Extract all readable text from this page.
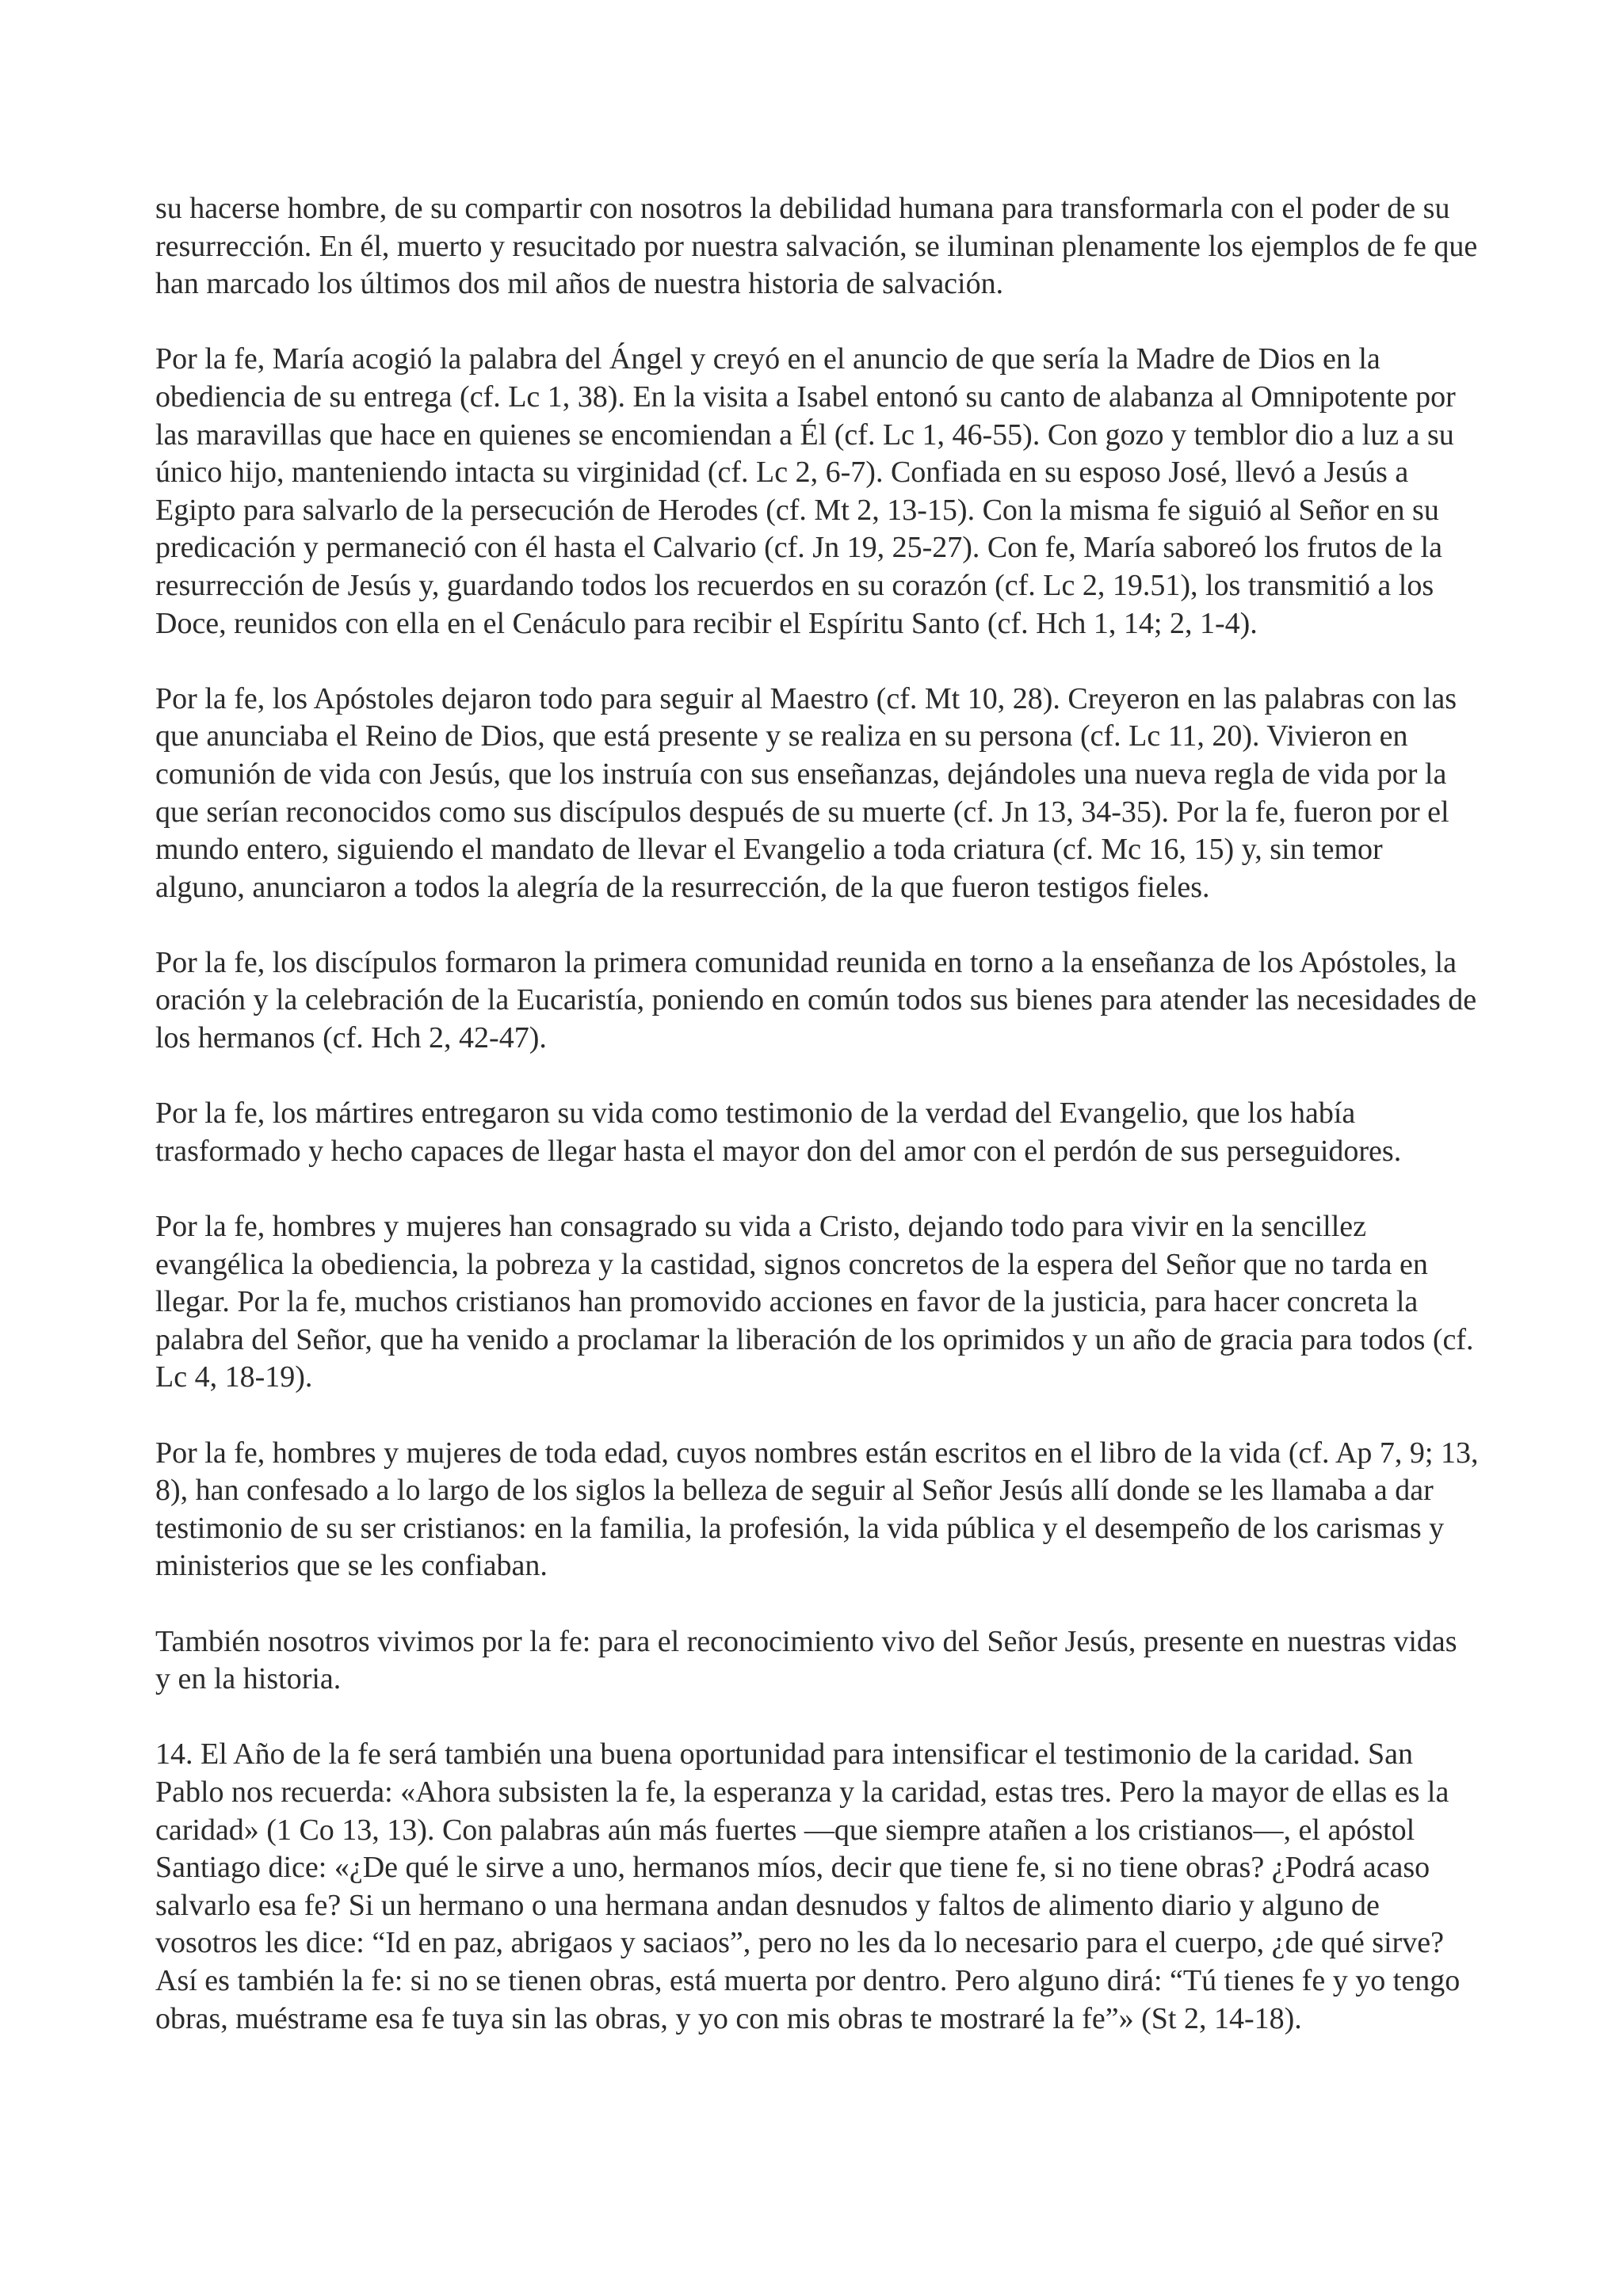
su hacerse hombre, de su compartir con nosotros la debilidad humana para transformarla con el poder de su resurrección. En él, muerto y resucitado por nuestra salvación, se iluminan plenamente los ejemplos de fe que han marcado los últimos dos mil años de nuestra historia de salvación.

Por la fe, María acogió la palabra del Ángel y creyó en el anuncio de que sería la Madre de Dios en la obediencia de su entrega (cf. Lc 1, 38). En la visita a Isabel entonó su canto de alabanza al Omnipotente por las maravillas que hace en quienes se encomiendan a Él (cf. Lc 1, 46-55). Con gozo y temblor dio a luz a su único hijo, manteniendo intacta su virginidad (cf. Lc 2, 6-7). Confiada en su esposo José, llevó a Jesús a Egipto para salvarlo de la persecución de Herodes (cf. Mt 2, 13-15). Con la misma fe siguió al Señor en su predicación y permaneció con él hasta el Calvario (cf. Jn 19, 25-27). Con fe, María saboreó los frutos de la resurrección de Jesús y, guardando todos los recuerdos en su corazón (cf. Lc 2, 19.51), los transmitió a los Doce, reunidos con ella en el Cenáculo para recibir el Espíritu Santo (cf. Hch 1, 14; 2, 1-4).

Por la fe, los Apóstoles dejaron todo para seguir al Maestro (cf. Mt 10, 28). Creyeron en las palabras con las que anunciaba el Reino de Dios, que está presente y se realiza en su persona (cf. Lc 11, 20). Vivieron en comunión de vida con Jesús, que los instruía con sus enseñanzas, dejándoles una nueva regla de vida por la que serían reconocidos como sus discípulos después de su muerte (cf. Jn 13, 34-35). Por la fe, fueron por el mundo entero, siguiendo el mandato de llevar el Evangelio a toda criatura (cf. Mc 16, 15) y, sin temor alguno, anunciaron a todos la alegría de la resurrección, de la que fueron testigos fieles.

Por la fe, los discípulos formaron la primera comunidad reunida en torno a la enseñanza de los Apóstoles, la oración y la celebración de la Eucaristía, poniendo en común todos sus bienes para atender las necesidades de los hermanos (cf. Hch 2, 42-47).

Por la fe, los mártires entregaron su vida como testimonio de la verdad del Evangelio, que los había trasformado y hecho capaces de llegar hasta el mayor don del amor con el perdón de sus perseguidores.

Por la fe, hombres y mujeres han consagrado su vida a Cristo, dejando todo para vivir en la sencillez evangélica la obediencia, la pobreza y la castidad, signos concretos de la espera del Señor que no tarda en llegar. Por la fe, muchos cristianos han promovido acciones en favor de la justicia, para hacer concreta la palabra del Señor, que ha venido a proclamar la liberación de los oprimidos y un año de gracia para todos (cf. Lc 4, 18-19).

Por la fe, hombres y mujeres de toda edad, cuyos nombres están escritos en el libro de la vida (cf. Ap 7, 9; 13, 8), han confesado a lo largo de los siglos la belleza de seguir al Señor Jesús allí donde se les llamaba a dar testimonio de su ser cristianos: en la familia, la profesión, la vida pública y el desempeño de los carismas y ministerios que se les confiaban.

También nosotros vivimos por la fe: para el reconocimiento vivo del Señor Jesús, presente en nuestras vidas y en la historia.

14. El Año de la fe será también una buena oportunidad para intensificar el testimonio de la caridad. San Pablo nos recuerda: «Ahora subsisten la fe, la esperanza y la caridad, estas tres. Pero la mayor de ellas es la caridad» (1 Co 13, 13). Con palabras aún más fuertes —que siempre atañen a los cristianos—, el apóstol Santiago dice: «¿De qué le sirve a uno, hermanos míos, decir que tiene fe, si no tiene obras? ¿Podrá acaso salvarlo esa fe? Si un hermano o una hermana andan desnudos y faltos de alimento diario y alguno de vosotros les dice: “Id en paz, abrigaos y saciaos”, pero no les da lo necesario para el cuerpo, ¿de qué sirve? Así es también la fe: si no se tienen obras, está muerta por dentro. Pero alguno dirá: “Tú tienes fe y yo tengo obras, muéstrame esa fe tuya sin las obras, y yo con mis obras te mostraré la fe”» (St 2, 14-18).
